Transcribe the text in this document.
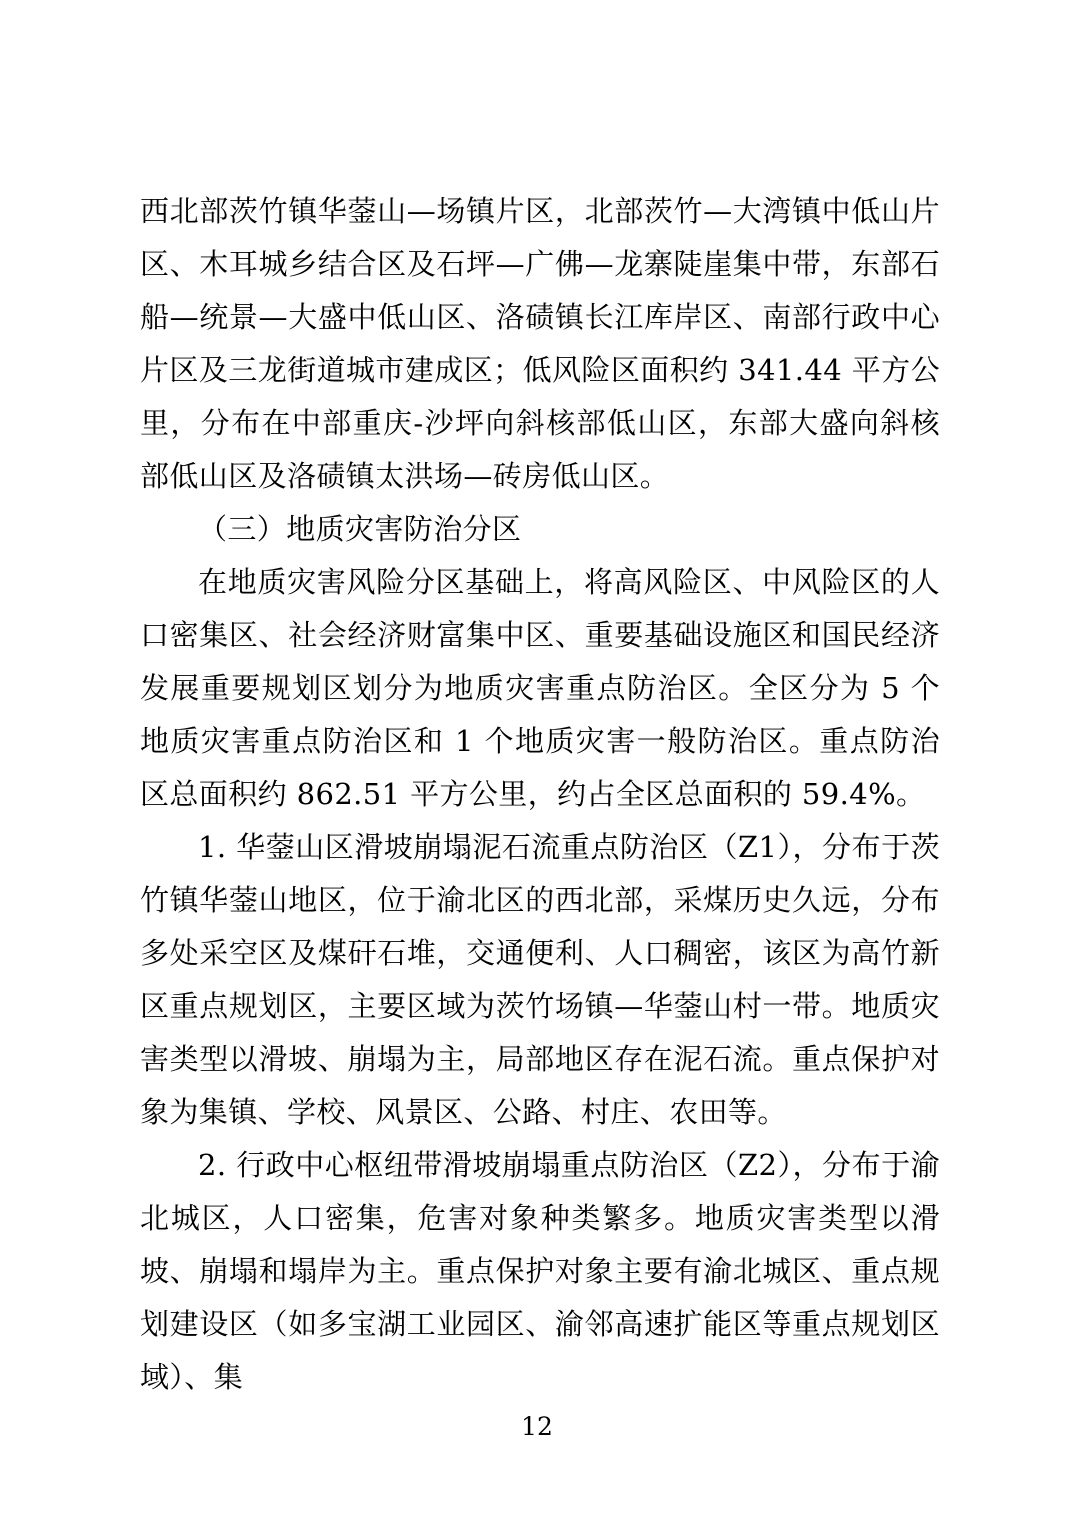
西北部茨竹镇华蓥山—场镇片区，北部茨竹—大湾镇中低山片区、木耳城乡结合区及石坪—广佛—龙寨陡崖集中带，东部石船—统景—大盛中低山区、洛碛镇长江库岸区、南部行政中心片区及三龙街道城市建成区；低风险区面积约 341.44 平方公里，分布在中部重庆-沙坪向斜核部低山区，东部大盛向斜核部低山区及洛碛镇太洪场—砖房低山区。

（三）地质灾害防治分区

在地质灾害风险分区基础上，将高风险区、中风险区的人口密集区、社会经济财富集中区、重要基础设施区和国民经济发展重要规划区划分为地质灾害重点防治区。全区分为 5 个地质灾害重点防治区和 1 个地质灾害一般防治区。重点防治区总面积约 862.51 平方公里，约占全区总面积的 59.4%。

1. 华蓥山区滑坡崩塌泥石流重点防治区（Z1），分布于茨竹镇华蓥山地区，位于渝北区的西北部，采煤历史久远，分布多处采空区及煤矸石堆，交通便利、人口稠密，该区为高竹新区重点规划区，主要区域为茨竹场镇—华蓥山村一带。地质灾害类型以滑坡、崩塌为主，局部地区存在泥石流。重点保护对象为集镇、学校、风景区、公路、村庄、农田等。

2. 行政中心枢纽带滑坡崩塌重点防治区（Z2），分布于渝北城区，人口密集，危害对象种类繁多。地质灾害类型以滑坡、崩塌和塌岸为主。重点保护对象主要有渝北城区、重点规划建设区（如多宝湖工业园区、渝邻高速扩能区等重点规划区域）、集

12
